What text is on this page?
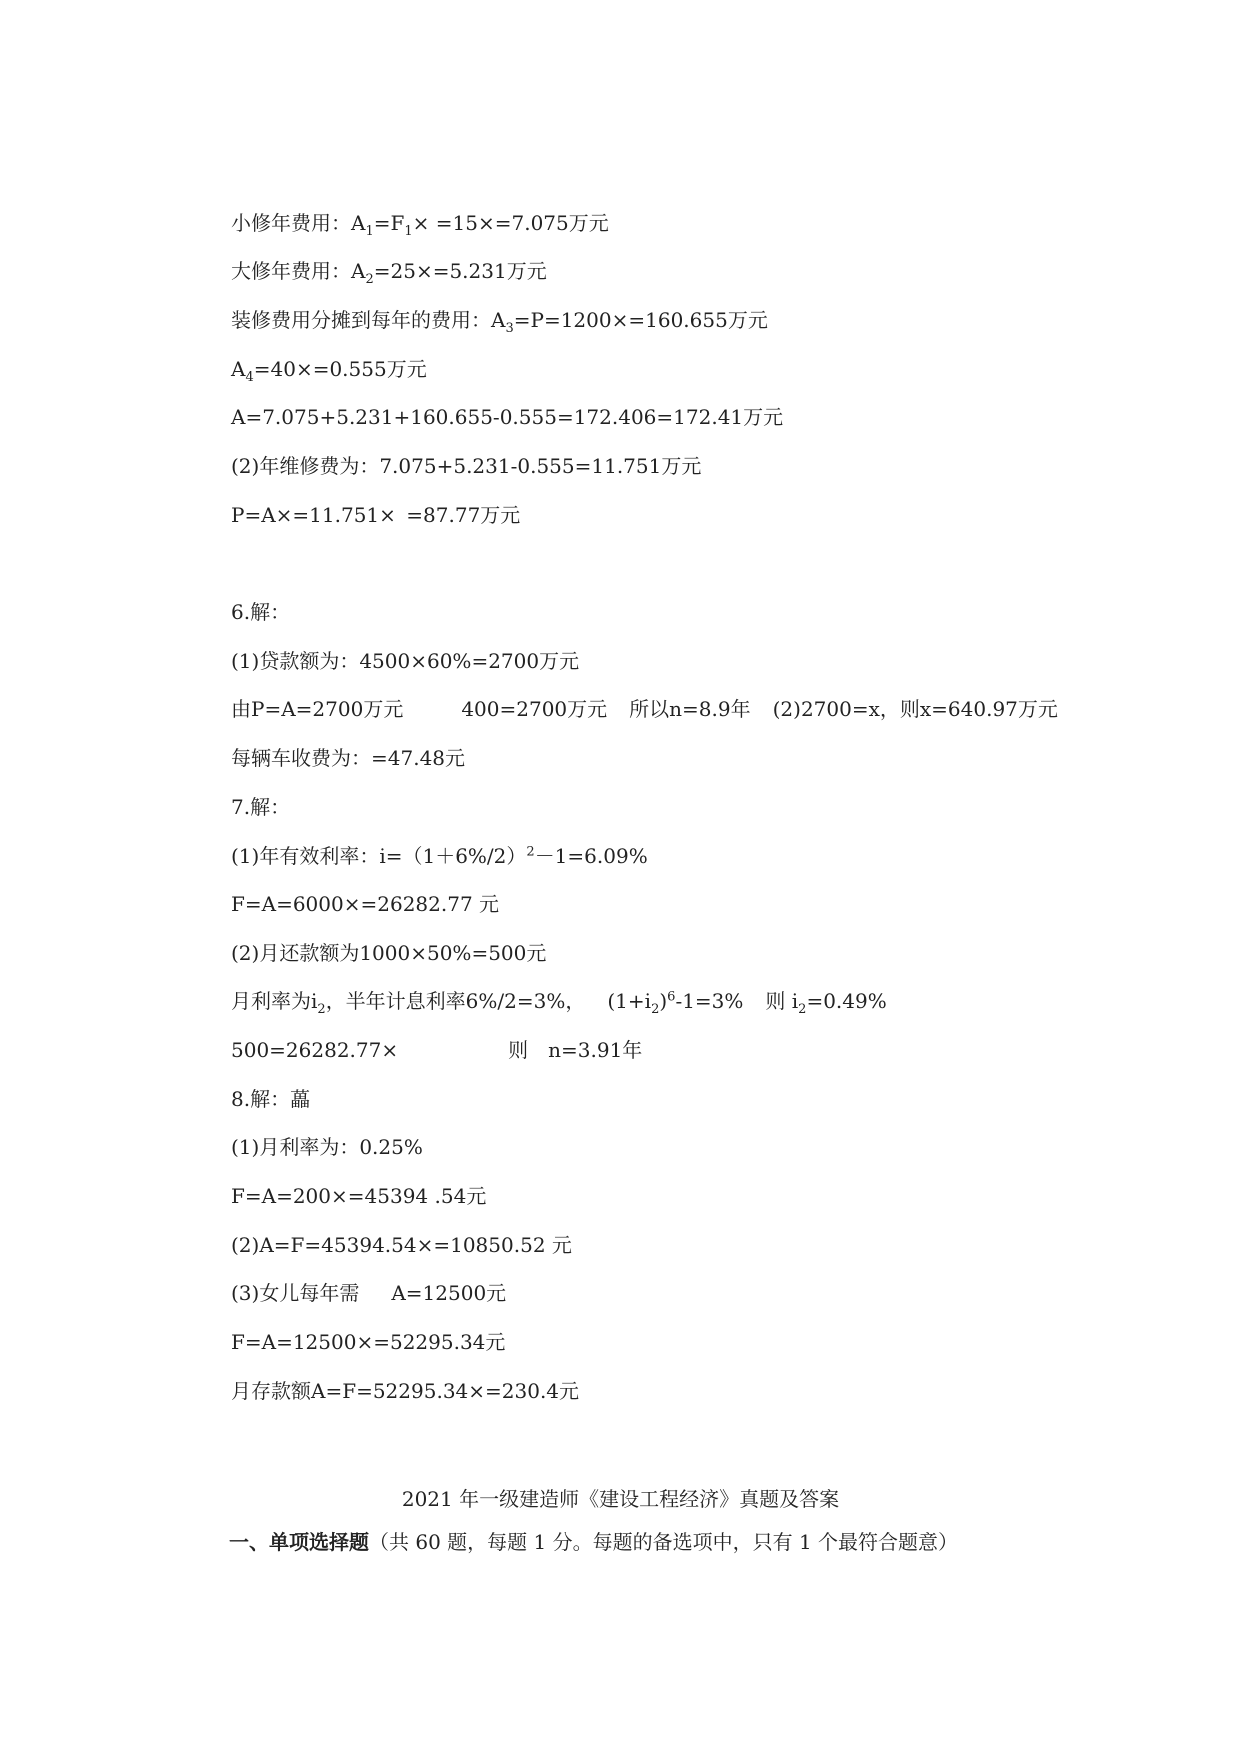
小修年费用：$A_1=F_1\times =15\times=7.075$万元
大修年费用：$A_2=25\times=5.231$万元
装修费用分摊到每年的费用：$A_3=P=1200\times=160.655$万元
$A_4=40\times=0.555$万元
A=7.075+5.231+160.655-0.555=172.406=172.41万元
(2)年维修费为：7.075+5.231-0.555=11.751万元
P=A×=11.751× =87.77万元
6.解：
(1)贷款额为：4500×60%=2700万元
由P=A=2700万元	400=2700万元 所以n=8.9年 (2)2700=x，则x=640.97万元
每辆车收费为：=47.48元
7.解：
(1)年有效利率：$i=(1+6\%/2)^2-1=6.09\%$
F=A=6000×=26282.77 元
(2)月还款额为1000×50%=500元
月利率为$i_2$，半年计息利率6%/2=3%， $(1+i_2)^6-1=3\%$ 则 $i_2=0.49\%$
500=26282.77×	则 n=3.91年
8.解：藟
(1)月利率为：0.25%
F=A=200×=45394 .54元
(2)A=F=45394.54×=10850.52 元
(3)女儿每年需 A=12500元
F=A=12500×=52295.34元
月存款额A=F=52295.34×=230.4元
2021 年一级建造师《建设工程经济》真题及答案
一、单项选择题（共 60 题，每题 1 分。每题的备选项中，只有 1 个最符合题意）
